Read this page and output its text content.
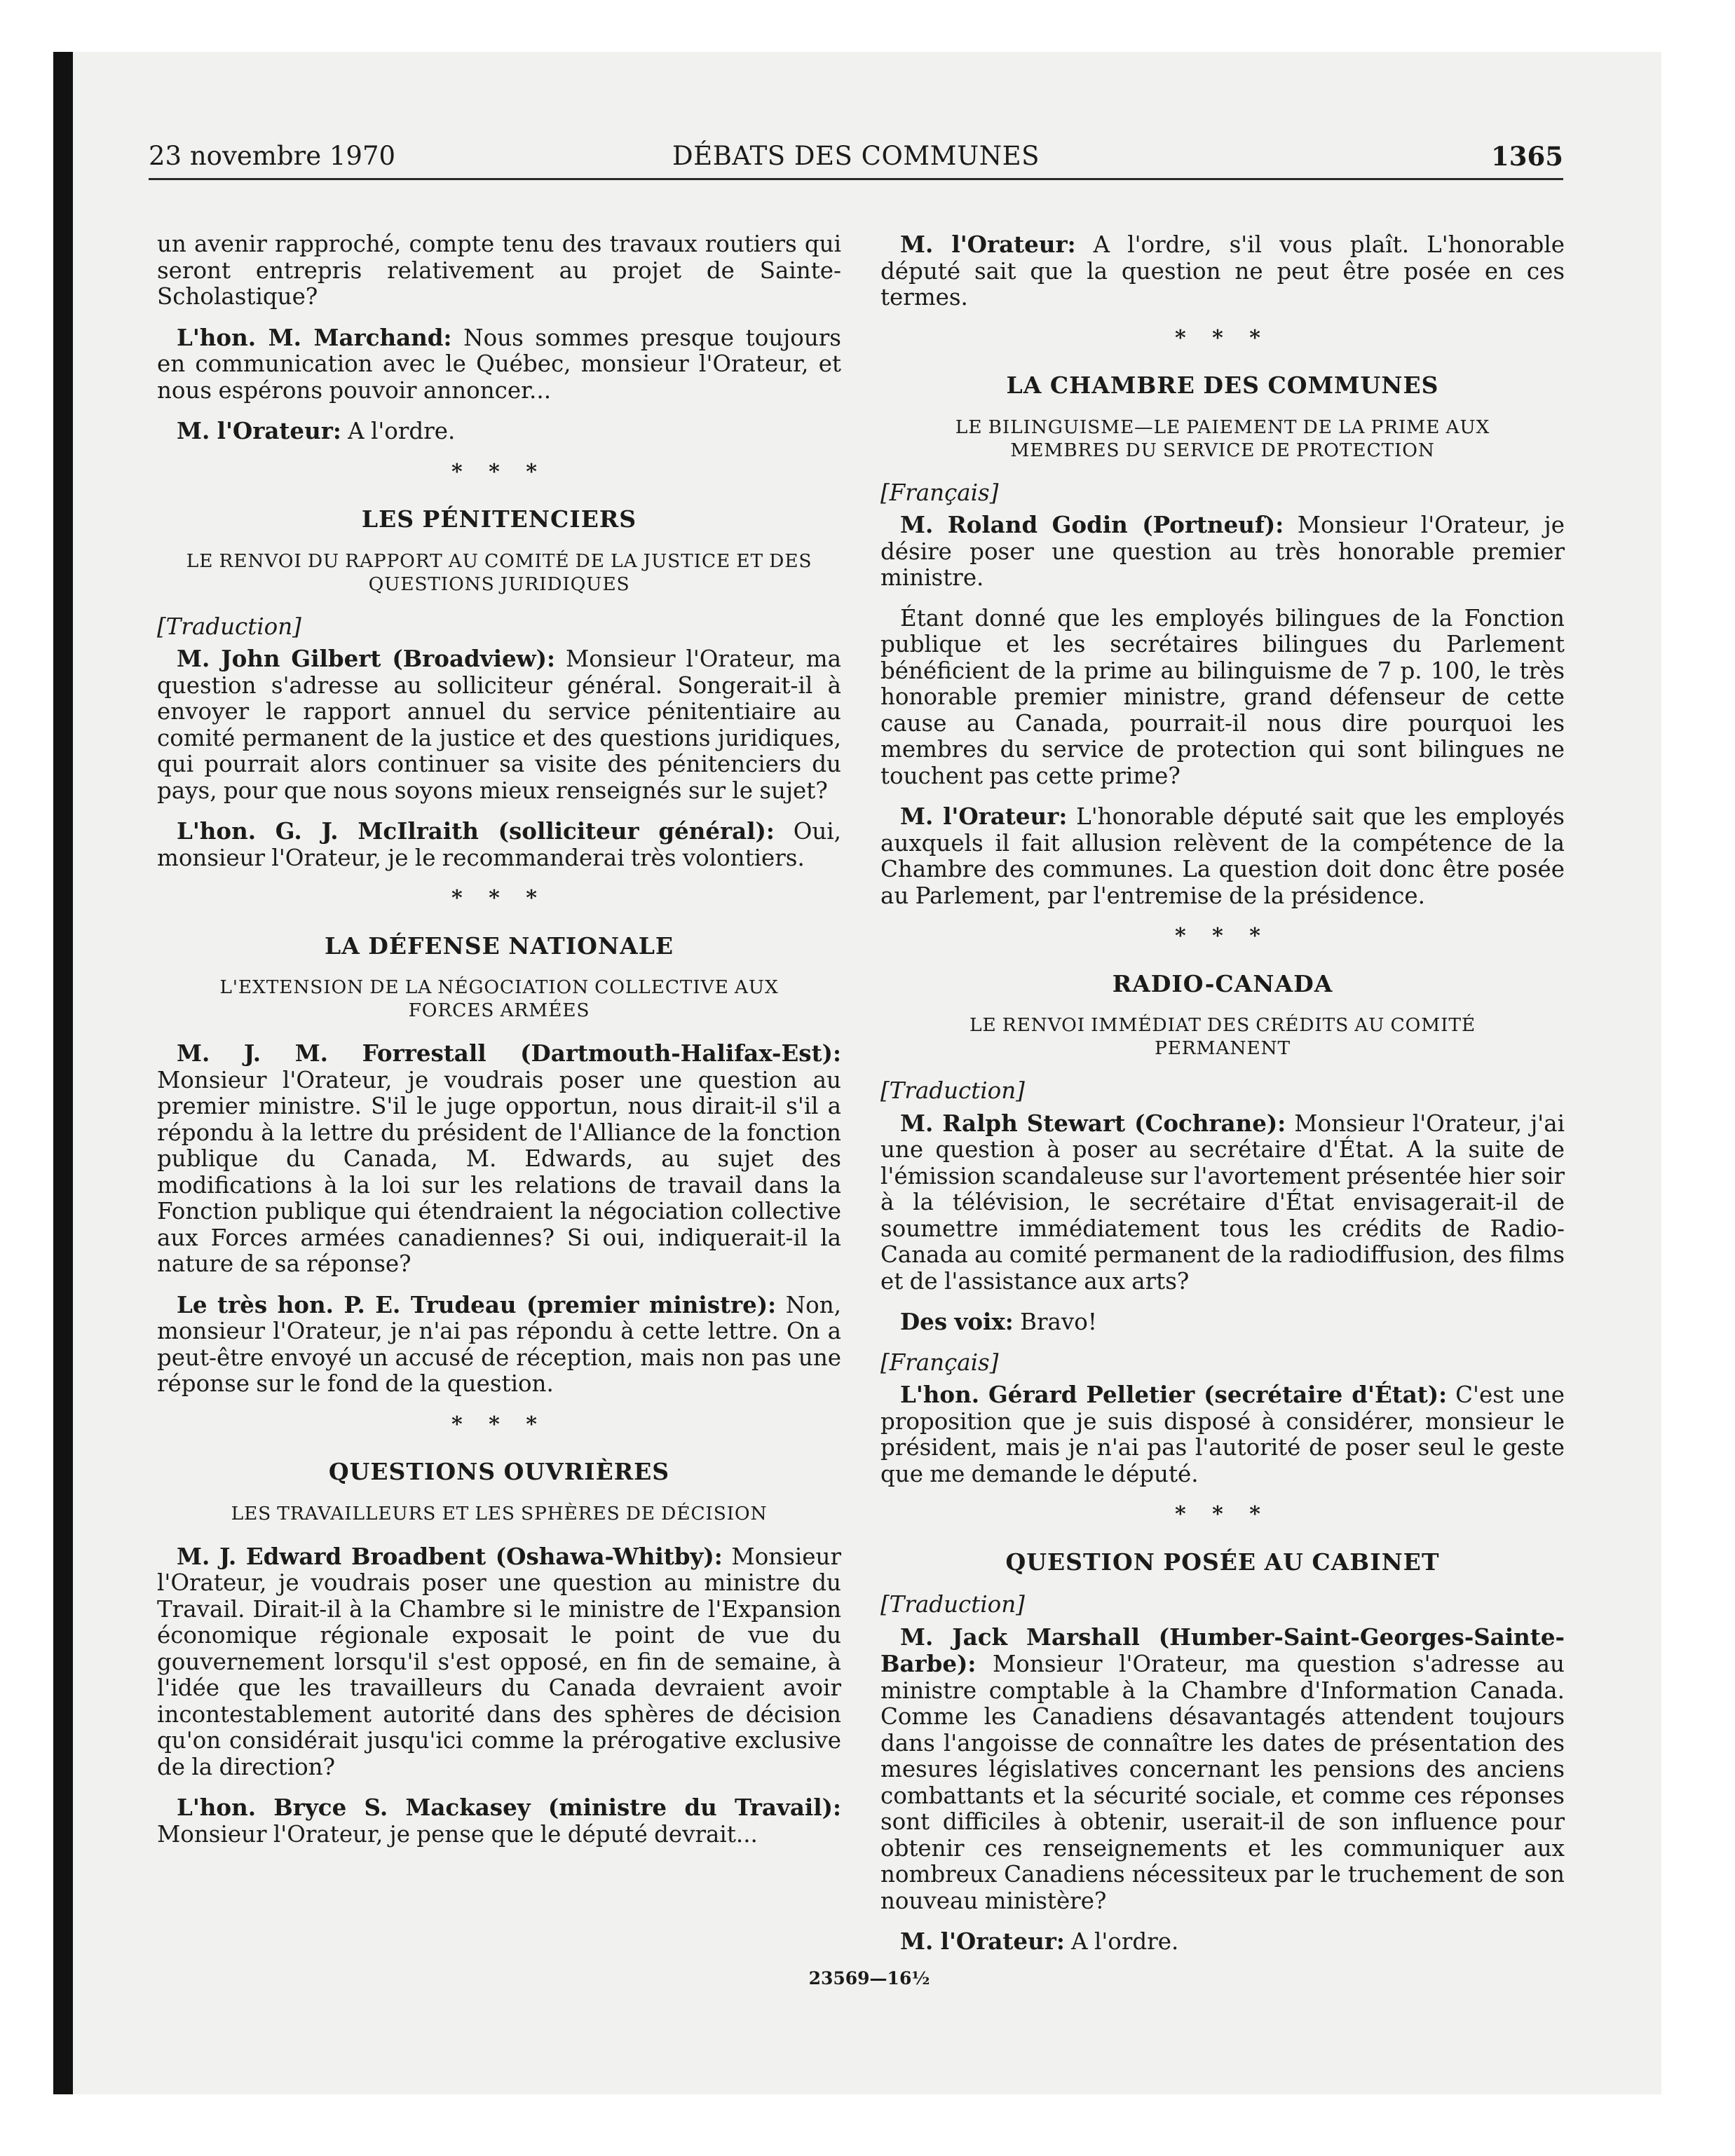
23 novembre 1970	DÉBATS DES COMMUNES	1365

un avenir rapproché, compte tenu des travaux routiers qui seront entrepris relativement au projet de Sainte-Scholastique?

L'hon. M. Marchand: Nous sommes presque toujours en communication avec le Québec, monsieur l'Orateur, et nous espérons pouvoir annoncer...

M. l'Orateur: A l'ordre.

* * *
LES PÉNITENCIERS
LE RENVOI DU RAPPORT AU COMITÉ DE LA JUSTICE ET DES QUESTIONS JURIDIQUES

[Traduction]

M. John Gilbert (Broadview): Monsieur l'Orateur, ma question s'adresse au solliciteur général. Songerait-il à envoyer le rapport annuel du service pénitentiaire au comité permanent de la justice et des questions juridiques, qui pourrait alors continuer sa visite des pénitenciers du pays, pour que nous soyons mieux renseignés sur le sujet?

L'hon. G. J. McIlraith (solliciteur général): Oui, monsieur l'Orateur, je le recommanderai très volontiers.

* * *
LA DÉFENSE NATIONALE
L'EXTENSION DE LA NÉGOCIATION COLLECTIVE AUX FORCES ARMÉES

M. J. M. Forrestall (Dartmouth-Halifax-Est): Monsieur l'Orateur, je voudrais poser une question au premier ministre. S'il le juge opportun, nous dirait-il s'il a répondu à la lettre du président de l'Alliance de la fonction publique du Canada, M. Edwards, au sujet des modifications à la loi sur les relations de travail dans la Fonction publique qui étendraient la négociation collective aux Forces armées canadiennes? Si oui, indiquerait-il la nature de sa réponse?

Le très hon. P. E. Trudeau (premier ministre): Non, monsieur l'Orateur, je n'ai pas répondu à cette lettre. On a peut-être envoyé un accusé de réception, mais non pas une réponse sur le fond de la question.

* * *
QUESTIONS OUVRIÈRES
LES TRAVAILLEURS ET LES SPHÈRES DE DÉCISION

M. J. Edward Broadbent (Oshawa-Whitby): Monsieur l'Orateur, je voudrais poser une question au ministre du Travail. Dirait-il à la Chambre si le ministre de l'Expansion économique régionale exposait le point de vue du gouvernement lorsqu'il s'est opposé, en fin de semaine, à l'idée que les travailleurs du Canada devraient avoir incontestablement autorité dans des sphères de décision qu'on considérait jusqu'ici comme la prérogative exclusive de la direction?

L'hon. Bryce S. Mackasey (ministre du Travail): Monsieur l'Orateur, je pense que le député devrait...

M. l'Orateur: A l'ordre, s'il vous plaît. L'honorable député sait que la question ne peut être posée en ces termes.

* * *
LA CHAMBRE DES COMMUNES
LE BILINGUISME—LE PAIEMENT DE LA PRIME AUX MEMBRES DU SERVICE DE PROTECTION

[Français]

M. Roland Godin (Portneuf): Monsieur l'Orateur, je désire poser une question au très honorable premier ministre.

Étant donné que les employés bilingues de la Fonction publique et les secrétaires bilingues du Parlement bénéficient de la prime au bilinguisme de 7 p. 100, le très honorable premier ministre, grand défenseur de cette cause au Canada, pourrait-il nous dire pourquoi les membres du service de protection qui sont bilingues ne touchent pas cette prime?

M. l'Orateur: L'honorable député sait que les employés auxquels il fait allusion relèvent de la compétence de la Chambre des communes. La question doit donc être posée au Parlement, par l'entremise de la présidence.

* * *
RADIO-CANADA
LE RENVOI IMMÉDIAT DES CRÉDITS AU COMITÉ PERMANENT

[Traduction]

M. Ralph Stewart (Cochrane): Monsieur l'Orateur, j'ai une question à poser au secrétaire d'État. A la suite de l'émission scandaleuse sur l'avortement présentée hier soir à la télévision, le secrétaire d'État envisagerait-il de soumettre immédiatement tous les crédits de Radio-Canada au comité permanent de la radiodiffusion, des films et de l'assistance aux arts?

Des voix: Bravo!

[Français]

L'hon. Gérard Pelletier (secrétaire d'État): C'est une proposition que je suis disposé à considérer, monsieur le président, mais je n'ai pas l'autorité de poser seul le geste que me demande le député.

* * *
QUESTION POSÉE AU CABINET

[Traduction]

M. Jack Marshall (Humber-Saint-Georges-Sainte-Barbe): Monsieur l'Orateur, ma question s'adresse au ministre comptable à la Chambre d'Information Canada. Comme les Canadiens désavantagés attendent toujours dans l'angoisse de connaître les dates de présentation des mesures législatives concernant les pensions des anciens combattants et la sécurité sociale, et comme ces réponses sont difficiles à obtenir, userait-il de son influence pour obtenir ces renseignements et les communiquer aux nombreux Canadiens nécessiteux par le truchement de son nouveau ministère?

M. l'Orateur: A l'ordre.

23569—16½
